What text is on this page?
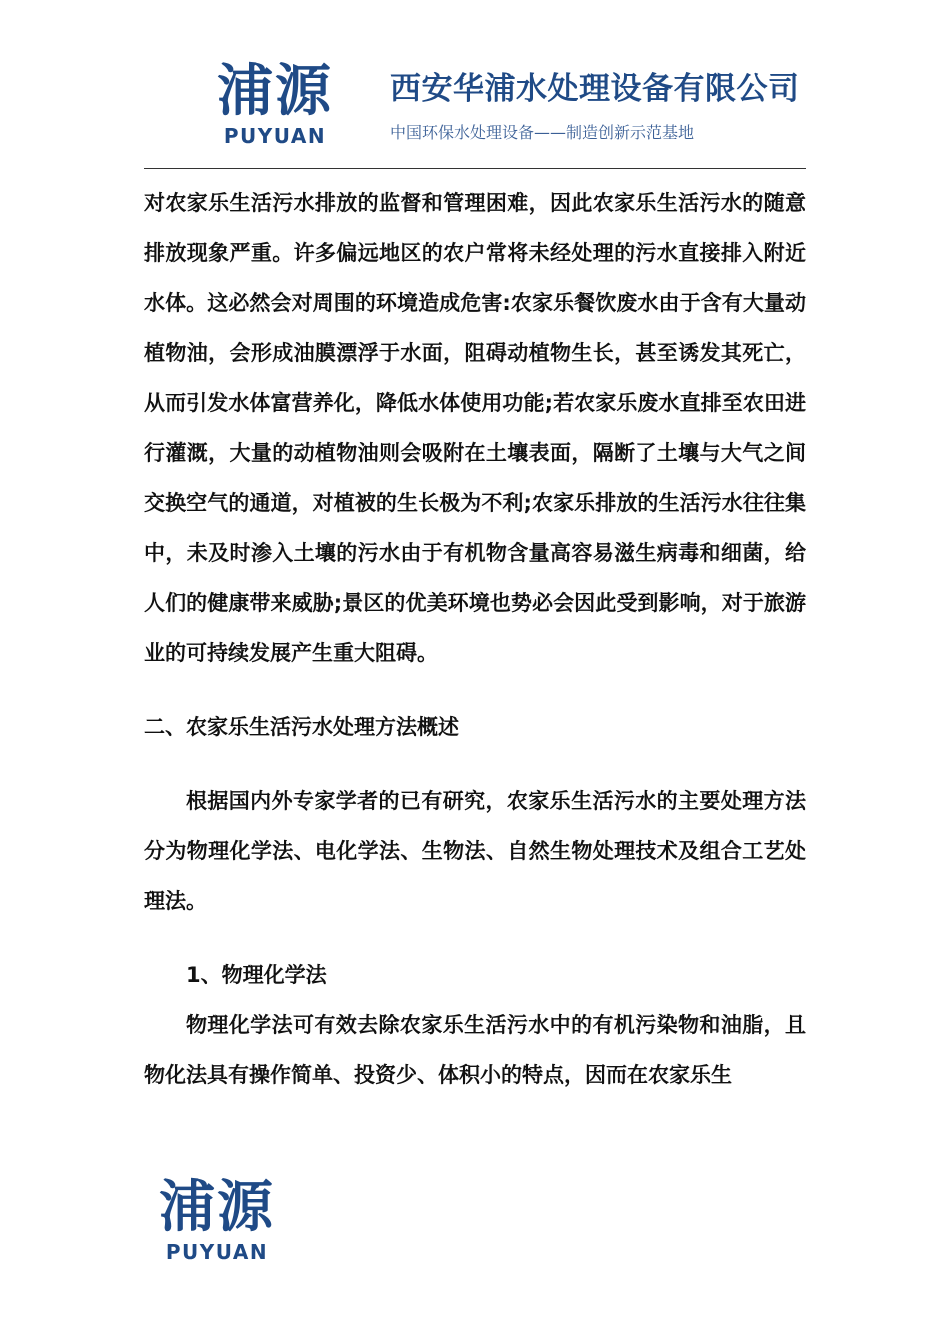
浦源
PUYUAN
西安华浦水处理设备有限公司
中国环保水处理设备——制造创新示范基地

对农家乐生活污水排放的监督和管理困难，因此农家乐生活污水的随意排放现象严重。许多偏远地区的农户常将未经处理的污水直接排入附近水体。这必然会对周围的环境造成危害:农家乐餐饮废水由于含有大量动植物油，会形成油膜漂浮于水面，阻碍动植物生长，甚至诱发其死亡，从而引发水体富营养化，降低水体使用功能;若农家乐废水直排至农田进行灌溉，大量的动植物油则会吸附在土壤表面，隔断了土壤与大气之间交换空气的通道，对植被的生长极为不利;农家乐排放的生活污水往往集中，未及时渗入土壤的污水由于有机物含量高容易滋生病毒和细菌，给人们的健康带来威胁;景区的优美环境也势必会因此受到影响，对于旅游业的可持续发展产生重大阻碍。

二、农家乐生活污水处理方法概述

根据国内外专家学者的已有研究，农家乐生活污水的主要处理方法分为物理化学法、电化学法、生物法、自然生物处理技术及组合工艺处理法。

1、物理化学法

物理化学法可有效去除农家乐生活污水中的有机污染物和油脂，且物化法具有操作简单、投资少、体积小的特点，因而在农家乐生

浦源
PUYUAN
